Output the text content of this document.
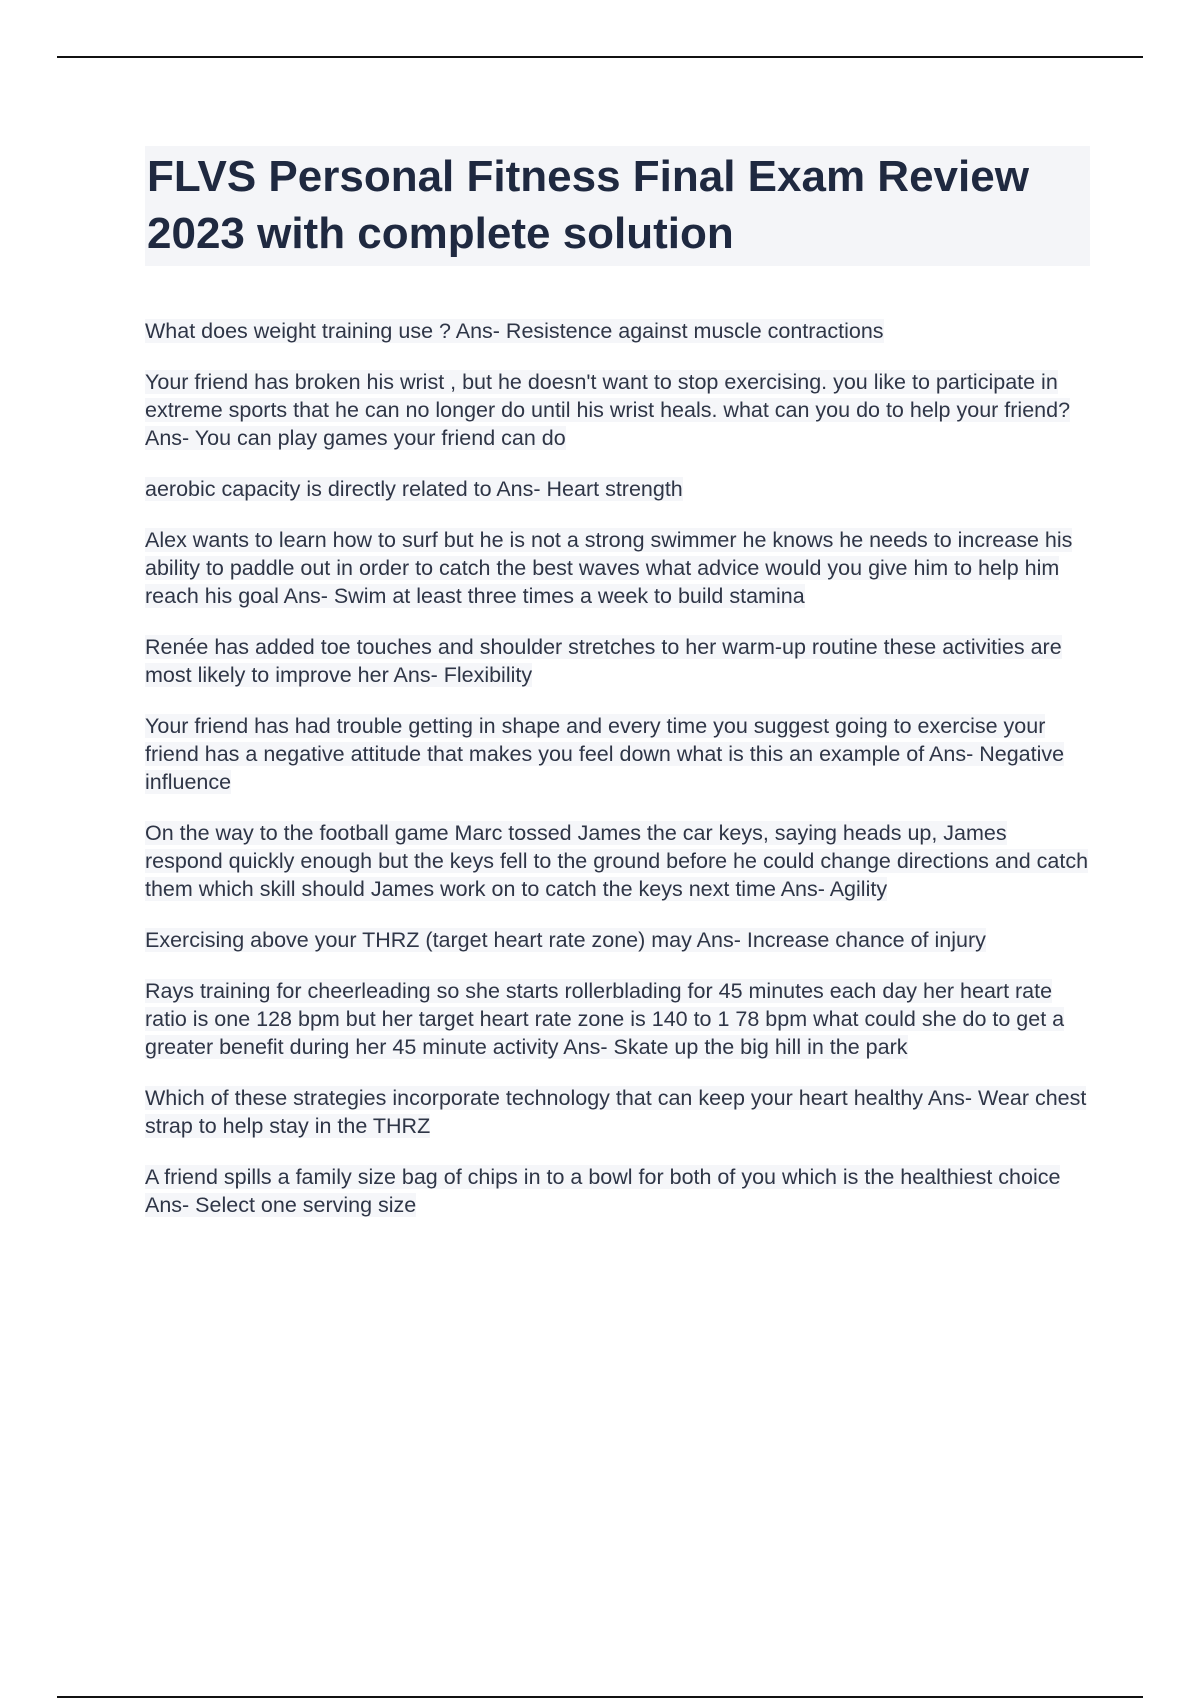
FLVS Personal Fitness Final Exam Review 2023 with complete solution

What does weight training use ? Ans- Resistence against muscle contractions

Your friend has broken his wrist , but he doesn't want to stop exercising. you like to participate in extreme sports that he can no longer do until his wrist heals. what can you do to help your friend? Ans- You can play games your friend can do

aerobic capacity is directly related to Ans- Heart strength

Alex wants to learn how to surf but he is not a strong swimmer he knows he needs to increase his ability to paddle out in order to catch the best waves what advice would you give him to help him reach his goal Ans- Swim at least three times a week to build stamina

Renée has added toe touches and shoulder stretches to her warm-up routine these activities are most likely to improve her Ans- Flexibility

Your friend has had trouble getting in shape and every time you suggest going to exercise your friend has a negative attitude that makes you feel down what is this an example of Ans- Negative influence

On the way to the football game Marc tossed James the car keys, saying heads up, James respond quickly enough but the keys fell to the ground before he could change directions and catch them which skill should James work on to catch the keys next time Ans- Agility

Exercising above your THRZ (target heart rate zone) may Ans- Increase chance of injury

Rays training for cheerleading so she starts rollerblading for 45 minutes each day her heart rate ratio is one 128 bpm but her target heart rate zone is 140 to 1 78 bpm what could she do to get a greater benefit during her 45 minute activity Ans- Skate up the big hill in the park

Which of these strategies incorporate technology that can keep your heart healthy Ans- Wear chest strap to help stay in the THRZ

A friend spills a family size bag of chips in to a bowl for both of you which is the healthiest choice Ans- Select one serving size
